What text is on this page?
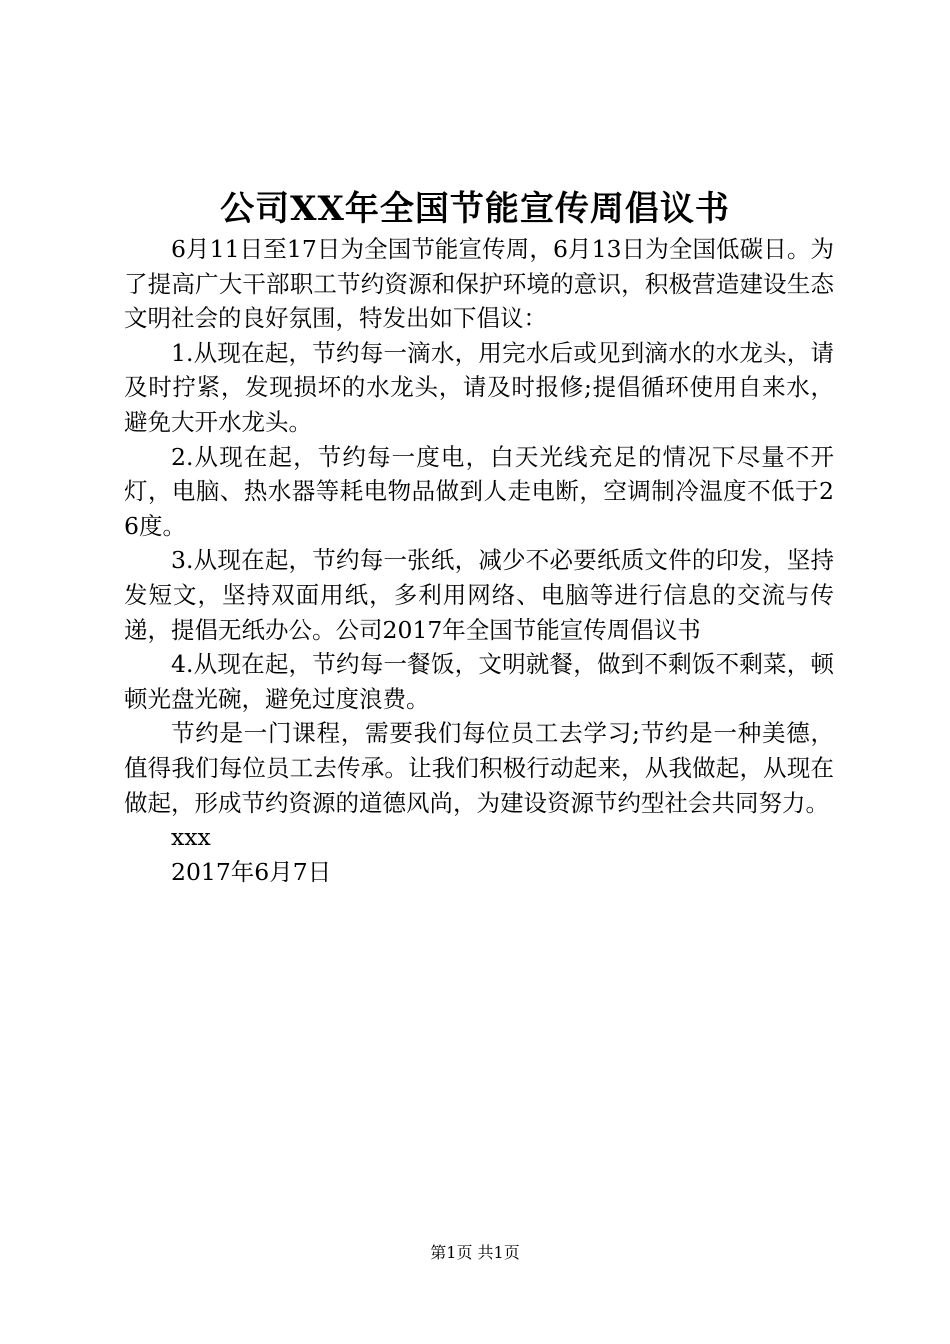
公司XX年全国节能宣传周倡议书

6月11日至17日为全国节能宣传周，6月13日为全国低碳日。为了提高广大干部职工节约资源和保护环境的意识，积极营造建设生态文明社会的良好氛围，特发出如下倡议：

1.从现在起，节约每一滴水，用完水后或见到滴水的水龙头，请及时拧紧，发现损坏的水龙头，请及时报修;提倡循环使用自来水，避免大开水龙头。

2.从现在起，节约每一度电，白天光线充足的情况下尽量不开灯，电脑、热水器等耗电物品做到人走电断，空调制冷温度不低于26度。

3.从现在起，节约每一张纸，减少不必要纸质文件的印发，坚持发短文，坚持双面用纸，多利用网络、电脑等进行信息的交流与传递，提倡无纸办公。公司2017年全国节能宣传周倡议书

4.从现在起，节约每一餐饭，文明就餐，做到不剩饭不剩菜，顿顿光盘光碗，避免过度浪费。

节约是一门课程，需要我们每位员工去学习;节约是一种美德，值得我们每位员工去传承。让我们积极行动起来，从我做起，从现在做起，形成节约资源的道德风尚，为建设资源节约型社会共同努力。

xxx

2017年6月7日

第1页 共1页
